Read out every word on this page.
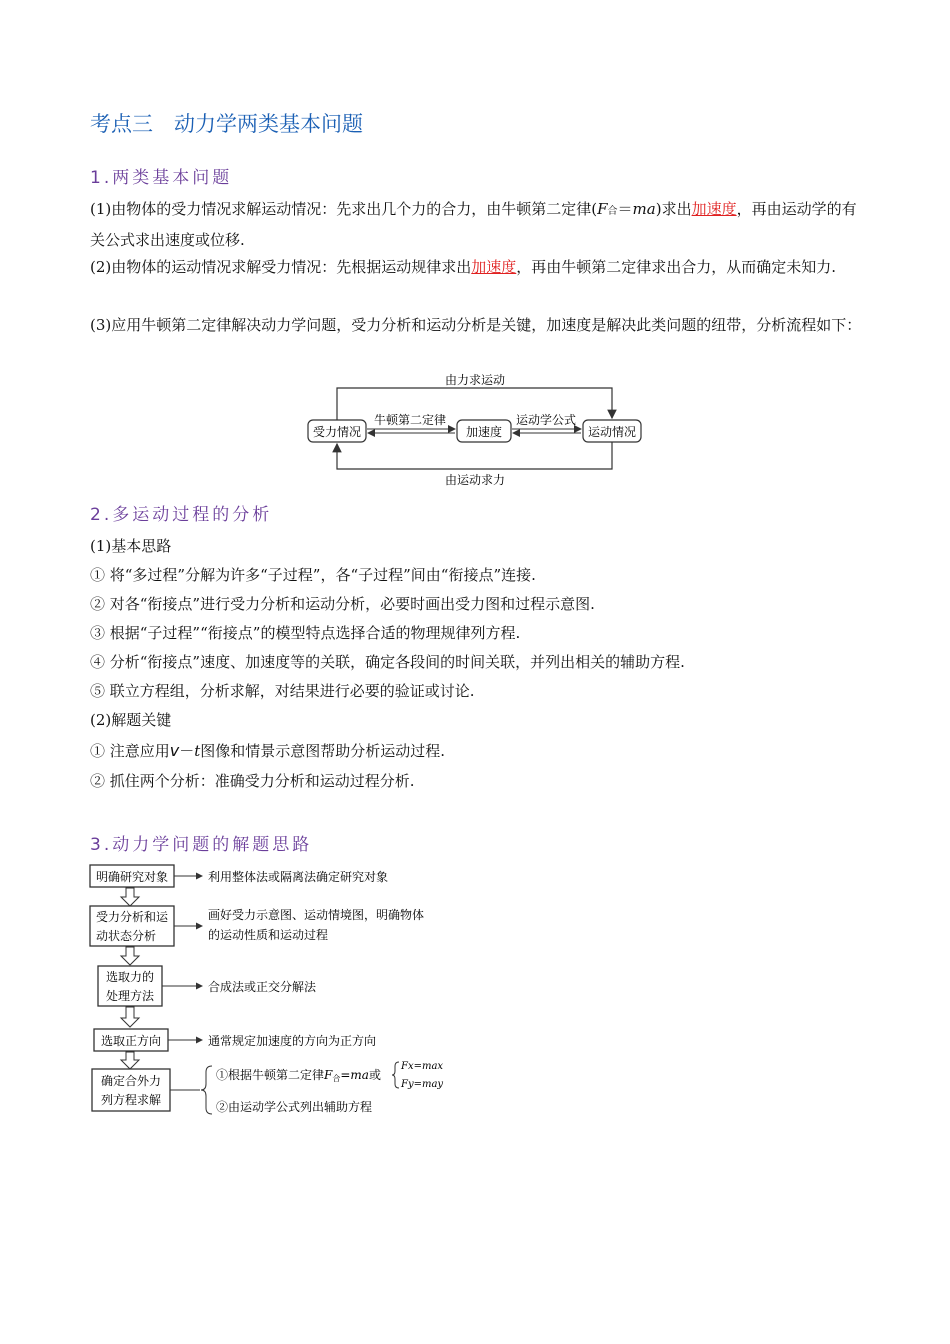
考点三　动力学两类基本问题
1.两类基本问题
(1)由物体的受力情况求解运动情况：先求出几个力的合力，由牛顿第二定律(F合＝ma)求出加速度，再由运动学的有关公式求出速度或位移.
(2)由物体的运动情况求解受力情况：先根据运动规律求出加速度，再由牛顿第二定律求出合力，从而确定未知力.
(3)应用牛顿第二定律解决动力学问题，受力分析和运动分析是关键，加速度是解决此类问题的纽带，分析流程如下：
由力求运动
由运动求力
受力情况	加速度	运动情况
牛顿第二定律	运动学公式
2.多运动过程的分析
(1)基本思路
① 将“多过程”分解为许多“子过程”，各“子过程”间由“衔接点”连接.
② 对各“衔接点”进行受力分析和运动分析，必要时画出受力图和过程示意图.
③ 根据“子过程”“衔接点”的模型特点选择合适的物理规律列方程.
④ 分析“衔接点”速度、加速度等的关联，确定各段间的时间关联，并列出相关的辅助方程.
⑤ 联立方程组，分析求解，对结果进行必要的验证或讨论.
(2)解题关键
① 注意应用v－t图像和情景示意图帮助分析运动过程.
② 抓住两个分析：准确受力分析和运动过程分析.
3.动力学问题的解题思路
明确研究对象	利用整体法或隔离法确定研究对象
受力分析和运
动状态分析
画好受力示意图、运动情境图，明确物体
的运动性质和运动过程
选取力的
处理方法
合成法或正交分解法
选取正方向	通常规定加速度的方向为正方向
确定合外力
列方程求解
①根据牛顿第二定律F合=ma或
Fx=max
Fy=may
②由运动学公式列出辅助方程
